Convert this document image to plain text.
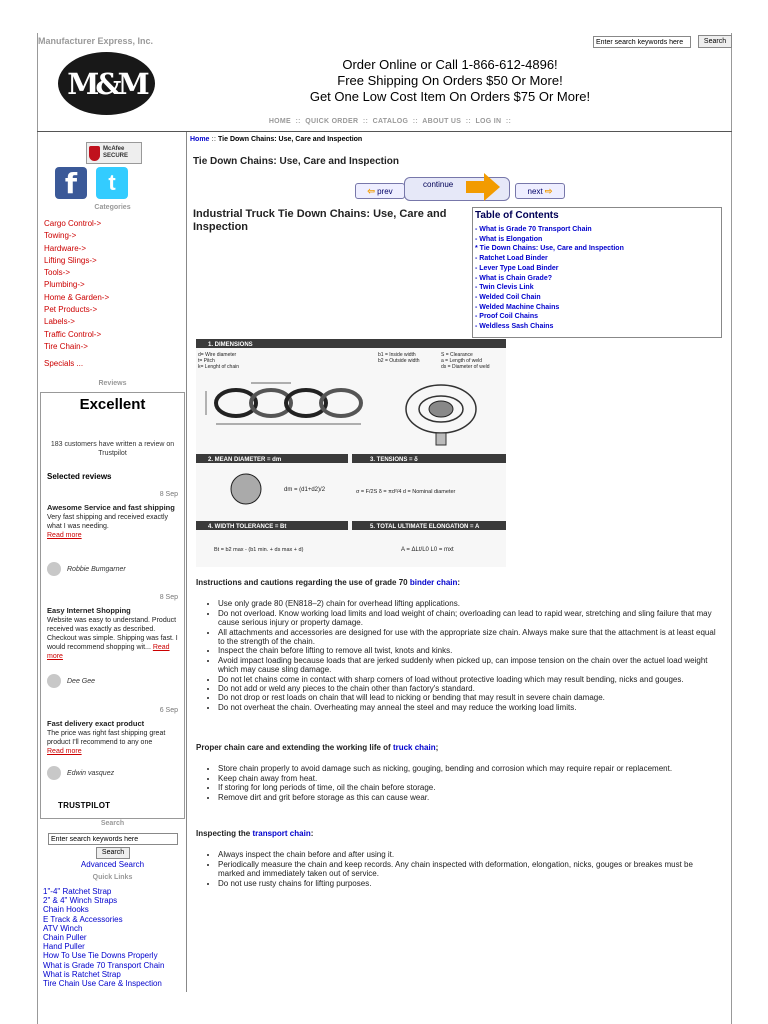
Manufacturer Express, Inc.
Enter search keywords here	Search
M&M
Order Online or Call 1-866-612-4896!
Free Shipping On Orders $50 Or More!
Get One Low Cost Item On Orders $75 Or More!
HOME  ::  QUICK ORDER  ::  CATALOG  ::  ABOUT US  ::  LOG IN  ::
McAfee
SECURE
f	t
Categories
Cargo Control->
Towing->
Hardware->
Lifting Slings->
Tools->
Plumbing->
Home & Garden->
Pet Products->
Labels->
Traffic Control->
Tire Chain->
Specials ...
Reviews
Excellent
183 customers have written a review on Trustpilot
Selected reviews
8 Sep
Awesome Service and fast shipping
Very fast shipping and received exactly what I was needing.
Read more
Robbie Bumgarner
8 Sep
Easy Internet Shopping
Website was easy to understand. Product received was exactly as described. Checkout was simple. Shipping was fast. I would recommend shopping wit... Read more
Dee Gee
6 Sep
Fast delivery exact product
The price was right fast shipping great product I'll recommend to any one
Read more
Edwin vasquez
TRUSTPILOT
Search
Enter search keywords here
Search
Advanced Search
Quick Links
1"-4" Ratchet Strap
2" & 4" Winch Straps
Chain Hooks
E Track & Accessories
ATV Winch
Chain Puller
Hand Puller
How To Use Tie Downs Properly
What is Grade 70 Transport Chain
What is Ratchet Strap
Tire Chain Use Care & Inspection
Home :: Tie Down Chains: Use, Care and Inspection
Tie Down Chains: Use, Care and Inspection
⇦ prev
continue
next ⇨
Industrial Truck Tie Down Chains: Use, Care and Inspection
Table of Contents
- What is Grade 70 Transport Chain
- What is Elongation
* Tie Down Chains: Use, Care and Inspection
- Ratchet Load Binder
- Lever Type Load Binder
- What is Chain Grade?
- Twin Clevis Link
- Welded Coil Chain
- Welded Machine Chains
- Proof Coil Chains
- Weldless Sash Chains
1. DIMENSIONS
d= Wire diameter
t= Pitch
k= Lenght of chain
b1 = Inside width
b2 = Outside width
S = Clearance
a = Length of weld
ds = Diameter of weld
2. MEAN DIAMETER = dm	3. TENSIONS = δ
dm = (d1+d2)/2	σ = F/2S δ = πd²/4 d = Nominal diameter
4. WIDTH TOLERANCE = Bt	5. TOTAL ULTIMATE ELONGATION = A
Bt = b2 max - (b1 min. + ds max + d)	A = ΔLt/L0 L0 = mxt
Instructions and cautions regarding the use of grade 70 binder chain:
• Use only grade 80 (EN818–2) chain for overhead lifting applications.
• Do not overload. Know working load limits and load weight of chain; overloading can lead to rapid wear, stretching and sling failure that may cause serious injury or property damage.
• All attachments and accessories are designed for use with the appropriate size chain. Always make sure that the attachment is at least equal to the strength of the chain.
• Inspect the chain before lifting to remove all twist, knots and kinks.
• Avoid impact loading because loads that are jerked suddenly when picked up, can impose tension on the chain over the actuel load weight which may cause sling damage.
• Do not let chains come in contact with sharp corners of load without protective loading which may result bending, nicks and gouges.
• Do not add or weld any pieces to the chain other than factory's standard.
• Do not drop or rest loads on chain that will lead to nicking or bending that may result in severe chain damage.
• Do not overheat the chain. Overheating may anneal the steel and may reduce the working load limits.
Proper chain care and extending the working life of truck chain;
• Store chain properly to avoid damage such as nicking, gouging, bending and corrosion which may require repair or replacement.
• Keep chain away from heat.
• If storing for long periods of time, oil the chain before storage.
• Remove dirt and grit before storage as this can cause wear.
Inspecting the transport chain:
• Always inspect the chain before and after using it.
• Periodically measure the chain and keep records. Any chain inspected with deformation, elongation, nicks, gouges or breakes must be marked and immediately taken out of service.
• Do not use rusty chains for lifting purposes.
